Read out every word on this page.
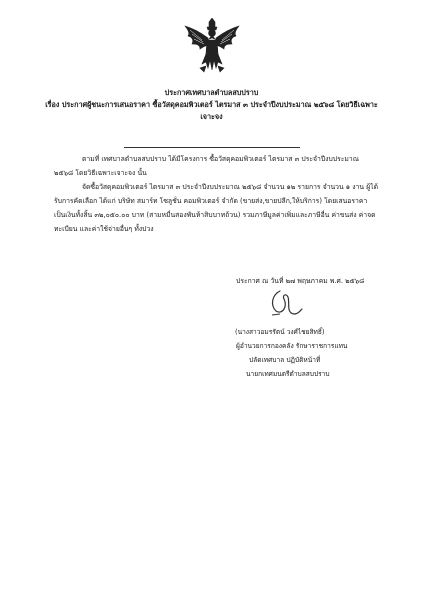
ประกาศเทศบาลตำบลสบปราบ
เรื่อง ประกาศผู้ชนะการเสนอราคา ซื้อวัสดุคอมพิวเตอร์ ไตรมาส ๓ ประจำปีงบประมาณ ๒๕๖๘ โดยวิธีเฉพาะ
เจาะจง
ตามที่ เทศบาลตำบลสบปราบ ได้มีโครงการ ซื้อวัสดุคอมพิวเตอร์ ไตรมาส ๓ ประจำปีงบประมาณ ๒๕๖๘ โดยวิธีเฉพาะเจาะจง นั้น
จัดซื้อวัสดุคอมพิวเตอร์ ไตรมาส ๓ ประจำปีงบประมาณ ๒๕๖๘ จำนวน ๑๒ รายการ จำนวน ๑ งาน ผู้ได้รับการคัดเลือก ได้แก่ บริษัท สมาร์ท โซลูชั่น คอมพิวเตอร์ จำกัด (ขายส่ง,ขายปลีก,ให้บริการ) โดยเสนอราคา เป็นเงินทั้งสิ้น ๓๒,๐๕๐.๐๐ บาท (สามหมื่นสองพันห้าสิบบาทถ้วน) รวมภาษีมูลค่าเพิ่มและภาษีอื่น ค่าขนส่ง ค่าจดทะเบียน และค่าใช้จ่ายอื่นๆ ทั้งปวง
ประกาศ ณ วันที่ ๒๗ พฤษภาคม พ.ศ. ๒๕๖๘
(นางสาวอมรรัตน์ วงศ์ไชยสิทธิ์)
ผู้อำนวยการกองคลัง รักษาราชการแทน
ปลัดเทศบาล ปฏิบัติหน้าที่
นายกเทศมนตรีตำบลสบปราบ
